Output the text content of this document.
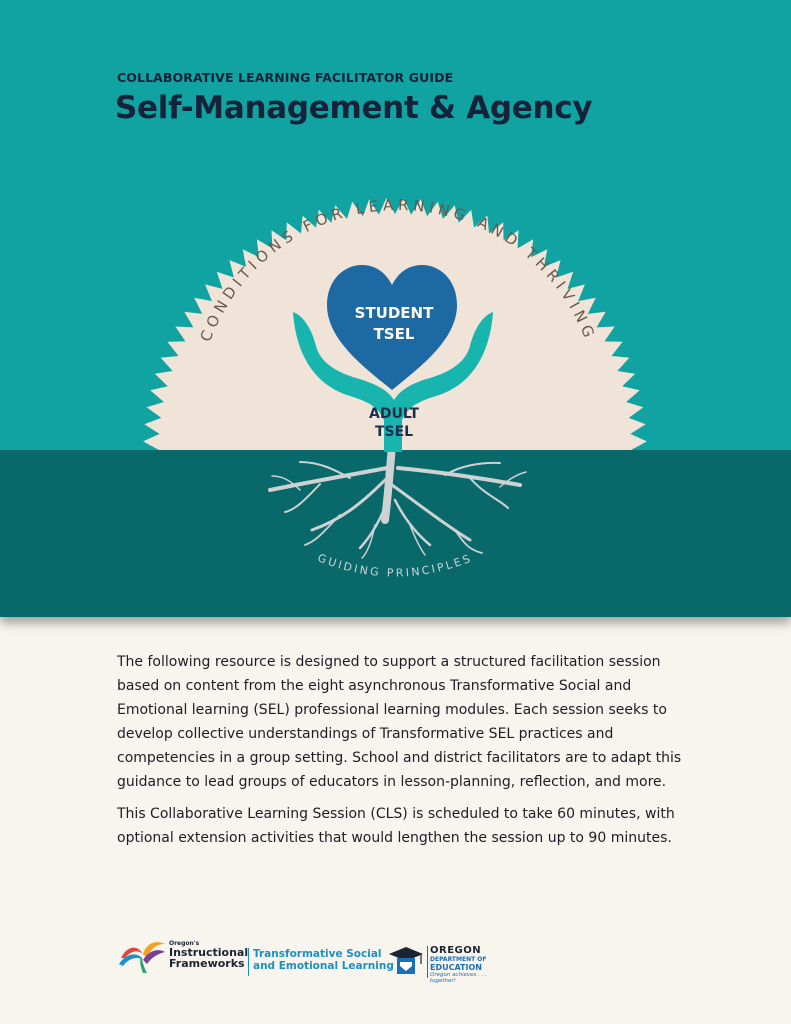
CONDITIONS FOR LEARNING AND THRIVING
STUDENT
TSEL
ADULT
TSEL
GUIDING PRINCIPLES
COLLABORATIVE LEARNING FACILITATOR GUIDE
Self-Management & Agency

The following resource is designed to support a structured facilitation session based on content from the eight asynchronous Transformative Social and Emotional learning (SEL) professional learning modules. Each session seeks to develop collective understandings of Transformative SEL practices and competencies in a group setting. School and district facilitators are to adapt this guidance to lead groups of educators in lesson-planning, reflection, and more.

This Collaborative Learning Session (CLS) is scheduled to take 60 minutes, with optional extension activities that would lengthen the session up to 90 minutes.

Oregon's
Instructional
Frameworks
Transformative Social
and Emotional Learning
OREGON
DEPARTMENT OF
EDUCATION
Oregon achieves . . . together!
